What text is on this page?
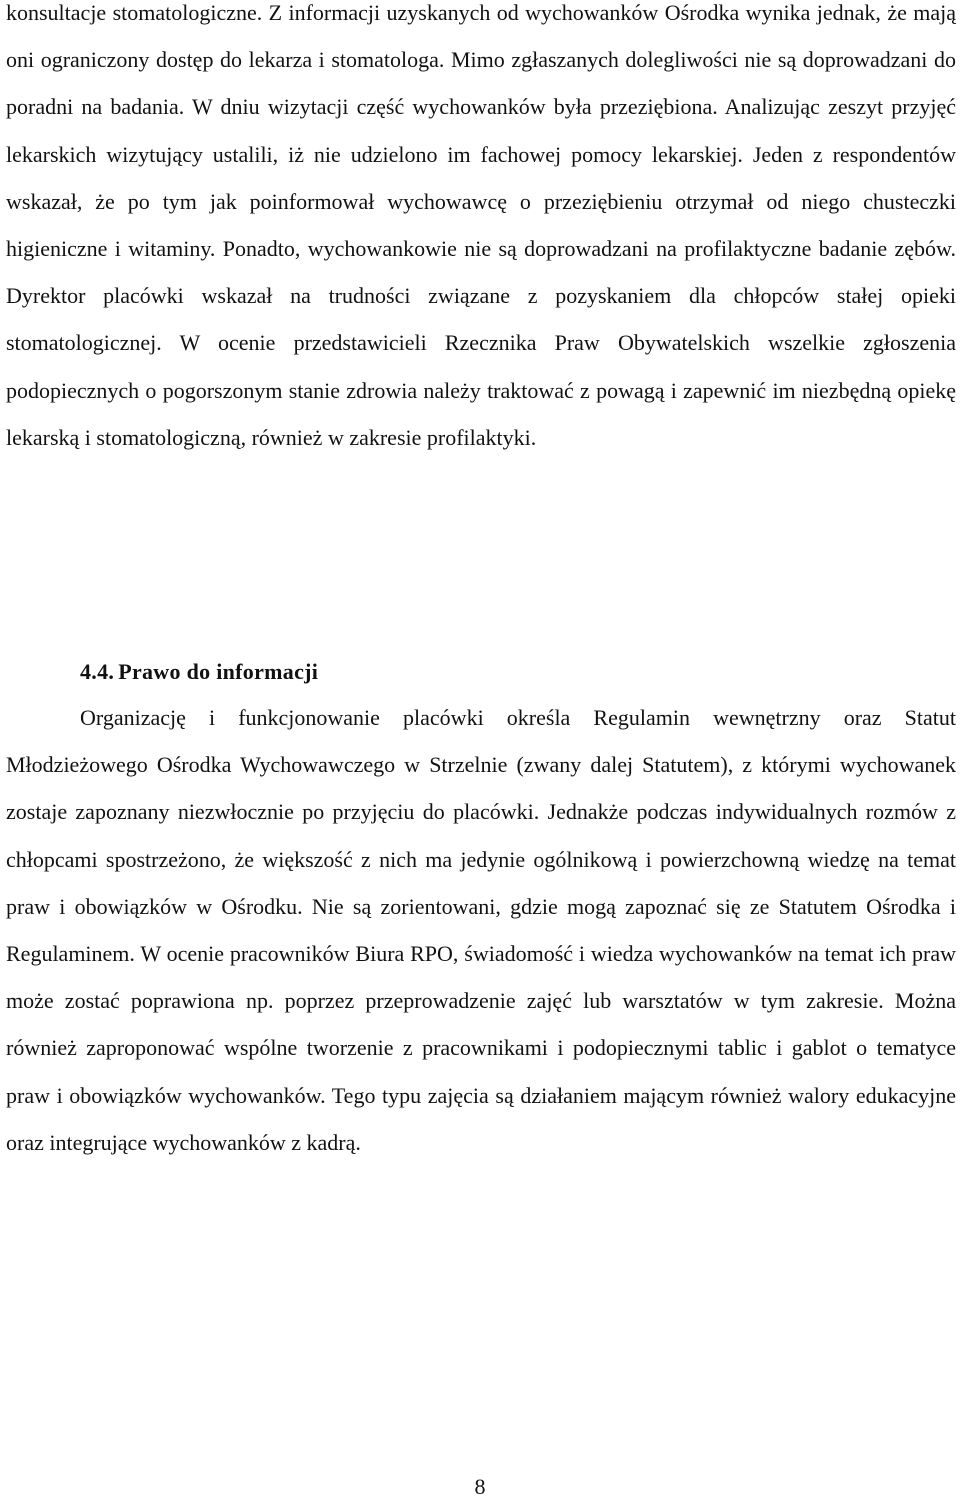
konsultacje stomatologiczne. Z informacji uzyskanych od wychowanków Ośrodka wynika jednak, że mają oni ograniczony dostęp do lekarza i stomatologa. Mimo zgłaszanych dolegliwości nie są doprowadzani do poradni na badania. W dniu wizytacji część wychowanków była przeziębiona. Analizując zeszyt przyjęć lekarskich wizytujący ustalili, iż nie udzielono im fachowej pomocy lekarskiej. Jeden z respondentów wskazał, że po tym jak poinformował wychowawcę o przeziębieniu otrzymał od niego chusteczki higieniczne i witaminy. Ponadto, wychowankowie nie są doprowadzani na profilaktyczne badanie zębów. Dyrektor placówki wskazał na trudności związane z pozyskaniem dla chłopców stałej opieki stomatologicznej. W ocenie przedstawicieli Rzecznika Praw Obywatelskich wszelkie zgłoszenia podopiecznych o pogorszonym stanie zdrowia należy traktować z powagą i zapewnić im niezbędną opiekę lekarską i stomatologiczną, również w zakresie profilaktyki.

4.4. Prawo do informacji

Organizację i funkcjonowanie placówki określa Regulamin wewnętrzny oraz Statut Młodzieżowego Ośrodka Wychowawczego w Strzelnie (zwany dalej Statutem), z którymi wychowanek zostaje zapoznany niezwłocznie po przyjęciu do placówki. Jednakże podczas indywidualnych rozmów z chłopcami spostrzeżono, że większość z nich ma jedynie ogólnikową i powierzchowną wiedzę na temat praw i obowiązków w Ośrodku. Nie są zorientowani, gdzie mogą zapoznać się ze Statutem Ośrodka i Regulaminem. W ocenie pracowników Biura RPO, świadomość i wiedza wychowanków na temat ich praw może zostać poprawiona np. poprzez przeprowadzenie zajęć lub warsztatów w tym zakresie. Można również zaproponować wspólne tworzenie z pracownikami i podopiecznymi tablic i gablot o tematyce praw i obowiązków wychowanków. Tego typu zajęcia są działaniem mającym również walory edukacyjne oraz integrujące wychowanków z kadrą.

8
